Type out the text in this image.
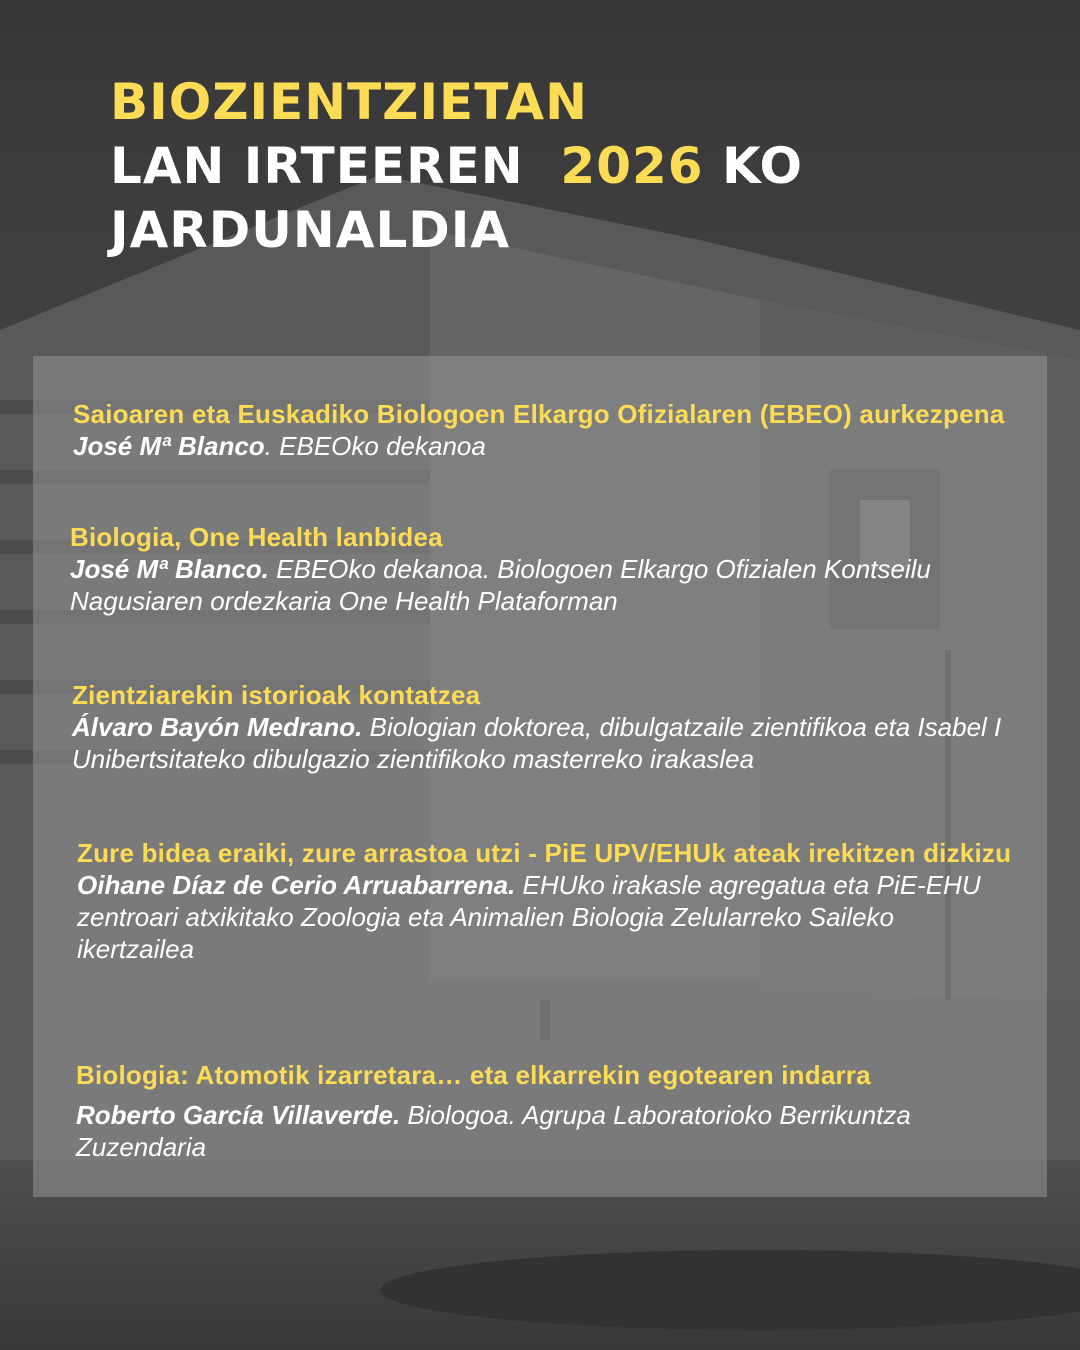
BIOZIENTZIETAN
LAN IRTEEREN 2026 KO
JARDUNALDIA
Saioaren eta Euskadiko Biologoen Elkargo Ofizialaren (EBEO) aurkezpena
José Mª Blanco. EBEOko dekanoa
Biologia, One Health lanbidea
José Mª Blanco. EBEOko dekanoa. Biologoen Elkargo Ofizialen Kontseilu Nagusiaren ordezkaria One Health Plataforman
Zientziarekin istorioak kontatzea
Álvaro Bayón Medrano. Biologian doktorea, dibulgatzaile zientifikoa eta Isabel I Unibertsitateko dibulgazio zientifikoko masterreko irakaslea
Zure bidea eraiki, zure arrastoa utzi - PiE UPV/EHUk ateak irekitzen dizkizu
Oihane Díaz de Cerio Arruabarrena. EHUko irakasle agregatua eta PiE-EHU zentroari atxikitako Zoologia eta Animalien Biologia Zelularreko Saileko ikertzailea
Biologia: Atomotik izarretara… eta elkarrekin egotearen indarra
Roberto García Villaverde. Biologoa. Agrupa Laboratorioko Berrikuntza Zuzendaria
